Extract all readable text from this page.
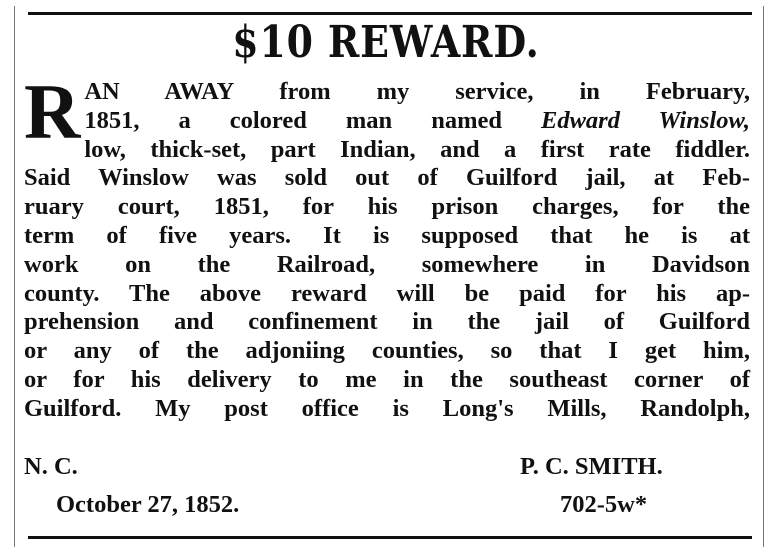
$10 REWARD.
R AN AWAY from my service, in February,
1851, a colored man named Edward Winslow,
low, thick-set, part Indian, and a first rate fiddler.
Said Winslow was sold out of Guilford jail, at Feb-
ruary court, 1851, for his prison charges, for the
term of five years. It is supposed that he is at
work on the Railroad, somewhere in Davidson
county. The above reward will be paid for his ap-
prehension and confinement in the jail of Guilford
or any of the adjoniing counties, so that I get him,
or for his delivery to me in the southeast corner of
Guilford. My post office is Long's Mills, Randolph,
N. C.	P. C. SMITH.
October 27, 1852.	702-5w*
